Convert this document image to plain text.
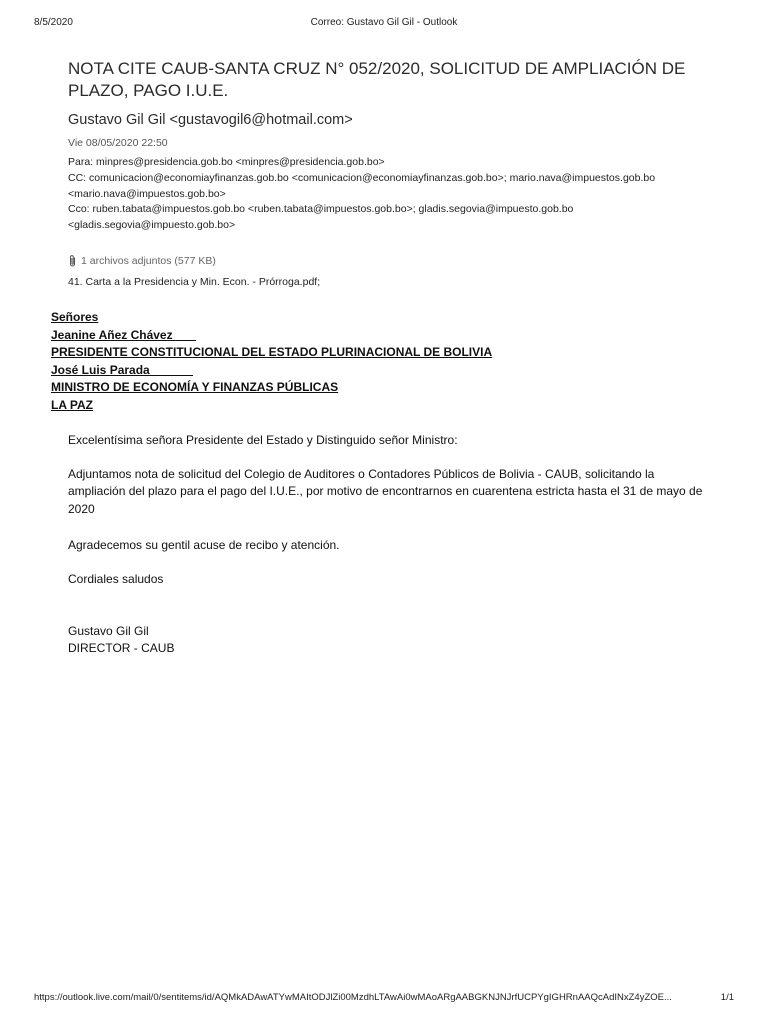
8/5/2020	Correo: Gustavo Gil Gil - Outlook
NOTA CITE CAUB-SANTA CRUZ N° 052/2020, SOLICITUD DE AMPLIACIÓN DE PLAZO, PAGO I.U.E.
Gustavo Gil Gil <gustavogil6@hotmail.com>
Vie 08/05/2020 22:50
Para: minpres@presidencia.gob.bo <minpres@presidencia.gob.bo>
CC: comunicacion@economiayfinanzas.gob.bo <comunicacion@economiayfinanzas.gob.bo>; mario.nava@impuestos.gob.bo
<mario.nava@impuestos.gob.bo>
Cco: ruben.tabata@impuestos.gob.bo <ruben.tabata@impuestos.gob.bo>; gladis.segovia@impuesto.gob.bo
<gladis.segovia@impuesto.gob.bo>
1 archivos adjuntos (577 KB)
41. Carta a la Presidencia y Min. Econ. - Prórroga.pdf;
Señores
Jeanine Añez Chávez
PRESIDENTE CONSTITUCIONAL DEL ESTADO PLURINACIONAL DE BOLIVIA
José Luis Parada
MINISTRO DE ECONOMÍA Y FINANZAS PÚBLICAS
LA PAZ

Excelentísima señora Presidente del Estado y Distinguido señor Ministro:

Adjuntamos nota de solicitud del Colegio de Auditores o Contadores Públicos de Bolivia - CAUB, solicitando la ampliación del plazo para el pago del I.U.E., por motivo de encontrarnos en cuarentena estricta hasta el 31 de mayo de 2020

Agradecemos su gentil acuse de recibo y atención.

Cordiales saludos

Gustavo Gil Gil

DIRECTOR - CAUB

https://outlook.live.com/mail/0/sentitems/id/AQMkADAwATYwMAItODJlZi00MzdhLTAwAi0wMAoARgAABGKNJNJrfUCPYgIGHRnAAQcAdINxZ4yZOE...	1/1
